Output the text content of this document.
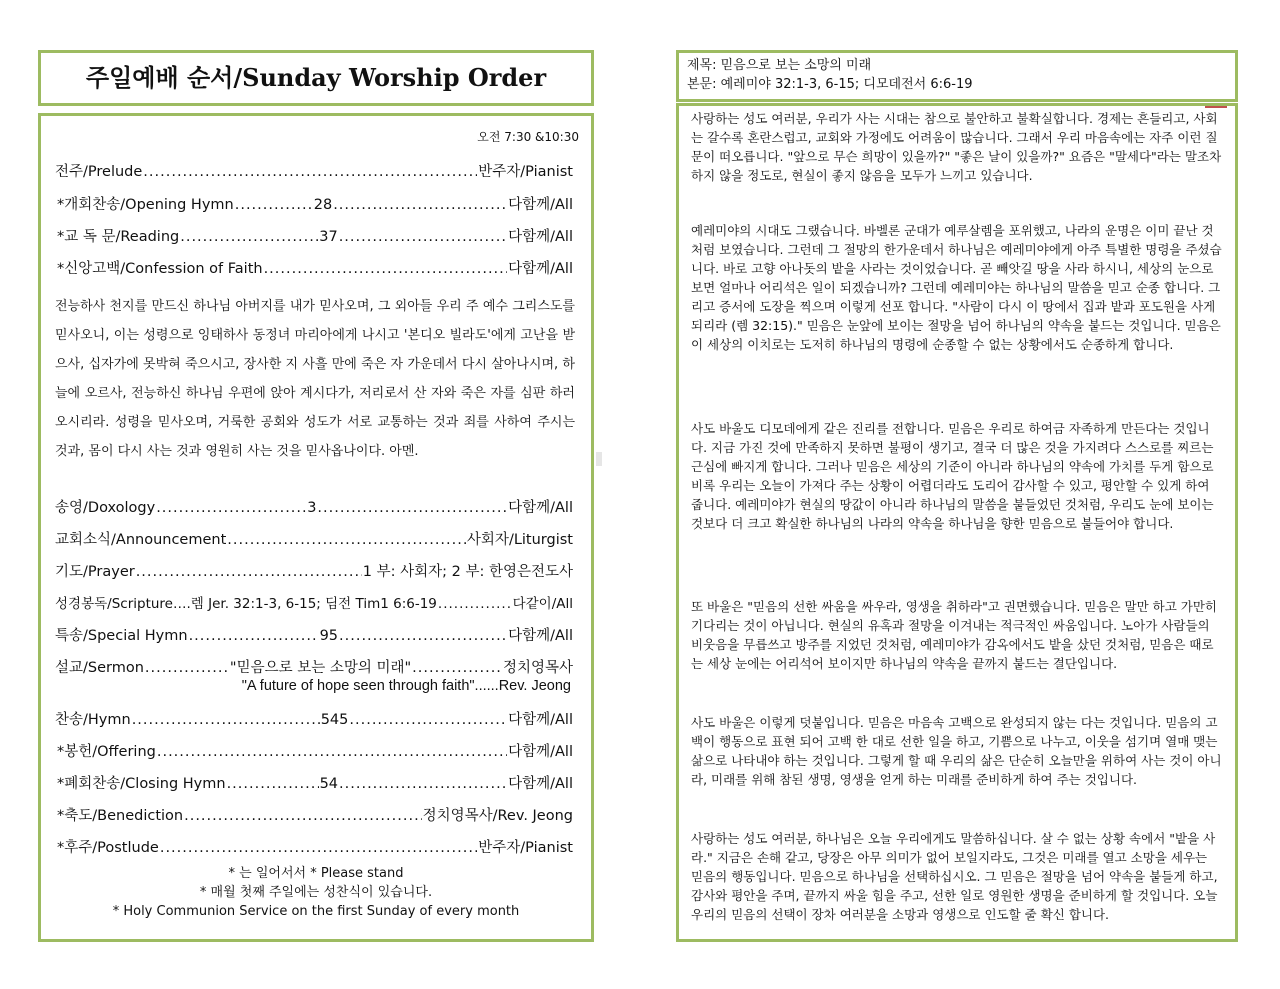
주일예배 순서/Sunday Worship Order
오전 7:30 &10:30
전주/Prelude .....	반주자/Pianist
*개회찬송/Opening Hymn .....	28 .....	다함께/All
*교 독 문/Reading .....	37 .....	다함께/All
*신앙고백/Confession of Faith .....	다함께/All
전능하사 천지를 만드신 하나님 아버지를 내가 믿사오며, 그 외아들 우리 주 예수 그리스도를 믿사오니, 이는 성령으로 잉태하사 동정녀 마리아에게 나시고 '본디오 빌라도'에게 고난을 받으사, 십자가에 못박혀 죽으시고, 장사한 지 사흘 만에 죽은 자 가운데서 다시 살아나시며, 하늘에 오르사, 전능하신 하나님 우편에 앉아 계시다가, 저리로서 산 자와 죽은 자를 심판 하러 오시리라. 성령을 믿사오며, 거룩한 공회와 성도가 서로 교통하는 것과 죄를 사하여 주시는 것과, 몸이 다시 사는 것과 영원히 사는 것을 믿사옵나이다. 아멘.
송영/Doxology .....	3 .....	다함께/All
교회소식/Announcement .....	사회자/Liturgist
기도/Prayer .....	1 부: 사회자; 2 부: 한영은전도사
성경봉독/Scripture… . 렘 Jer. 32:1-3, 6-15; 딤전 Tim1 6:6-19 .....	다같이/All
특송/Special Hymn .....	95 .....	다함께/All
설교/Sermon .....	"믿음으로 보는 소망의 미래" .....	정치영목사
"A future of hope seen through faith"......Rev. Jeong
찬송/Hymn .....	545 .....	다함께/All
*봉헌/Offering .....	다함께/All
*폐회찬송/Closing Hymn .....	54 .....	다함께/All
*축도/Benediction .....	정치영목사/Rev. Jeong
*후주/Postlude .....	반주자/Pianist
* 는 일어서서 * Please stand
* 매월 첫째 주일에는 성찬식이 있습니다.
* Holy Communion Service on the first Sunday of every month
제목: 믿음으로 보는 소망의 미래
본문: 예레미야 32:1-3, 6-15; 디모데전서 6:6-19

사랑하는 성도 여러분, 우리가 사는 시대는 참으로 불안하고 불확실합니다. 경제는 흔들리고, 사회는 갈수록 혼란스럽고, 교회와 가정에도 어려움이 많습니다. 그래서 우리 마음속에는 자주 이런 질문이 떠오릅니다. "앞으로 무슨 희망이 있을까?" "좋은 날이 있을까?" 요즘은 "말세다"라는 말조차 하지 않을 정도로, 현실이 좋지 않음을 모두가 느끼고 있습니다.

예레미야의 시대도 그랬습니다. 바벨론 군대가 예루살렘을 포위했고, 나라의 운명은 이미 끝난 것처럼 보였습니다. 그런데 그 절망의 한가운데서 하나님은 예레미야에게 아주 특별한 명령을 주셨습니다. 바로 고향 아나돗의 밭을 사라는 것이었습니다. 곧 빼앗길 땅을 사라 하시니, 세상의 눈으로 보면 얼마나 어리석은 일이 되겠습니까? 그런데 예레미야는 하나님의 말씀을 믿고 순종 합니다. 그리고 증서에 도장을 찍으며 이렇게 선포 합니다. "사람이 다시 이 땅에서 집과 밭과 포도원을 사게 되리라 (렘 32:15)." 믿음은 눈앞에 보이는 절망을 넘어 하나님의 약속을 붙드는 것입니다. 믿음은 이 세상의 이치로는 도저히 하나님의 명령에 순종할 수 없는 상황에서도 순종하게 합니다.

사도 바울도 디모데에게 같은 진리를 전합니다. 믿음은 우리로 하여금 자족하게 만든다는 것입니다. 지금 가진 것에 만족하지 못하면 불평이 생기고, 결국 더 많은 것을 가지려다 스스로를 찌르는 근심에 빠지게 합니다. 그러나 믿음은 세상의 기준이 아니라 하나님의 약속에 가치를 두게 함으로 비록 우리는 오늘이 가져다 주는 상황이 어렵더라도 도리어 감사할 수 있고, 평안할 수 있게 하여 줍니다. 예레미야가 현실의 땅값이 아니라 하나님의 말씀을 붙들었던 것처럼, 우리도 눈에 보이는 것보다 더 크고 확실한 하나님의 나라의 약속을 하나님을 향한 믿음으로 붙들어야 합니다.

또 바울은 "믿음의 선한 싸움을 싸우라, 영생을 취하라"고 권면했습니다. 믿음은 말만 하고 가만히 기다리는 것이 아닙니다. 현실의 유혹과 절망을 이겨내는 적극적인 싸움입니다. 노아가 사람들의 비웃음을 무릅쓰고 방주를 지었던 것처럼, 예레미야가 감옥에서도 밭을 샀던 것처럼, 믿음은 때로는 세상 눈에는 어리석어 보이지만 하나님의 약속을 끝까지 붙드는 결단입니다.

사도 바울은 이렇게 덧붙입니다. 믿음은 마음속 고백으로 완성되지 않는 다는 것입니다. 믿음의 고백이 행동으로 표현 되어 고백 한 대로 선한 일을 하고, 기쁨으로 나누고, 이웃을 섬기며 열매 맺는 삶으로 나타내야 하는 것입니다. 그렇게 할 때 우리의 삶은 단순히 오늘만을 위하여 사는 것이 아니라, 미래를 위해 참된 생명, 영생을 얻게 하는 미래를 준비하게 하여 주는 것입니다.

사랑하는 성도 여러분, 하나님은 오늘 우리에게도 말씀하십니다. 살 수 없는 상황 속에서 "밭을 사라." 지금은 손해 같고, 당장은 아무 의미가 없어 보일지라도, 그것은 미래를 열고 소망을 세우는 믿음의 행동입니다. 믿음으로 하나님을 선택하십시오. 그 믿음은 절망을 넘어 약속을 붙들게 하고, 감사와 평안을 주며, 끝까지 싸울 힘을 주고, 선한 일로 영원한 생명을 준비하게 할 것입니다. 오늘 우리의 믿음의 선택이 장차 여러분을 소망과 영생으로 인도할 줄 확신 합니다.
